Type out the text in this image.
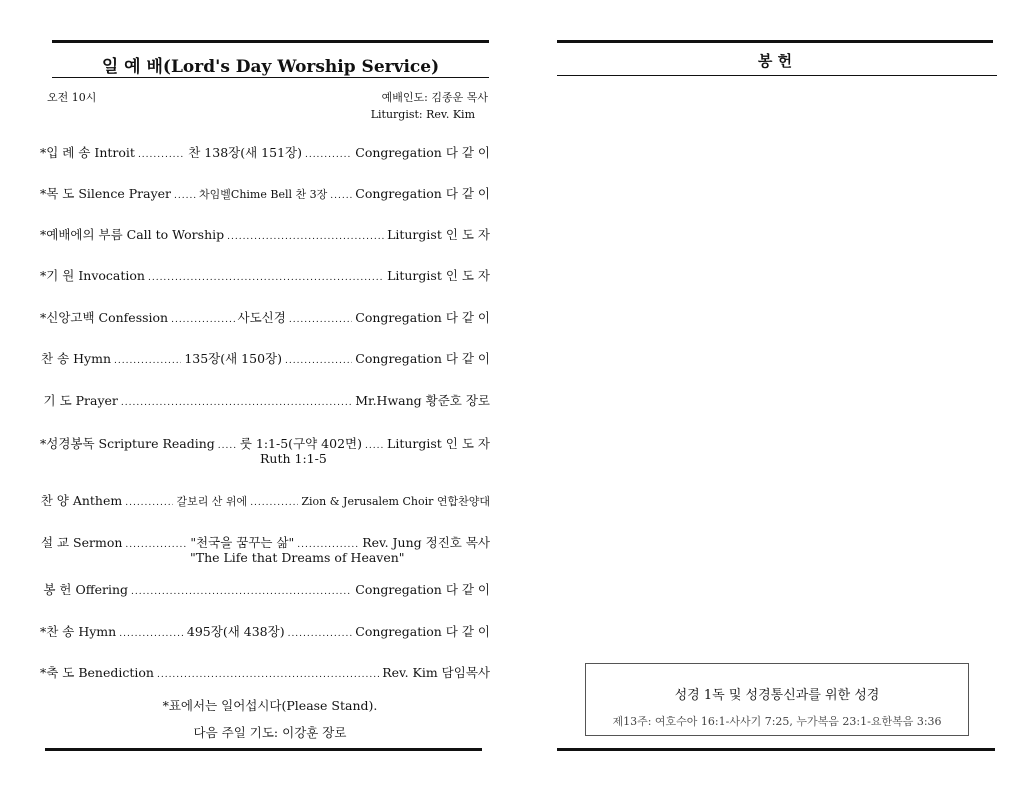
일 예 배(Lord's Day Worship Service)
오전 10시	예배인도: 김종운 목사
Liturgist: Rev. Kim
* 입 례 송 Introit .....	찬 138장(새 151장) .....	Congregation 다 같 이
* 목 도 Silence Prayer .....	차임벨Chime Bell 찬 3장 ..... Congregation 다 같 이
* 예배에의 부름 Call to Worship .....	Liturgist 인 도 자
* 기 원 Invocation .....	Liturgist 인 도 자
* 신앙고백 Confession .....	사도신경 .....	Congregation 다 같 이
찬 송 Hymn .....	135장(새 150장) .....	Congregation 다 같 이
기 도 Prayer .....	Mr.Hwang 황준호 장로
* 성경봉독 Scripture Reading ..... 룻 1:1-5(구약 402면) ..... Liturgist 인 도 자
Ruth 1:1-5
찬 양 Anthem .....	갈보리 산 위에 .....	Zion & Jerusalem Choir 연합찬양대
설 교 Sermon .....	"천국을 꿈꾸는 삶" .....	Rev. Jung 정진호 목사
"The Life that Dreams of Heaven"
봉 헌 Offering .....	Congregation 다 같 이
* 찬 송 Hymn .....	495장(새 438장) .....	Congregation 다 같 이
* 축 도 Benediction .....	Rev. Kim 담임목사
*표에서는 일어섭시다(Please Stand).
다음 주일 기도: 이강훈 장로
봉 헌
성경 1독 및 성경통신과를 위한 성경
제13주: 여호수아 16:1-사사기 7:25, 누가복음 23:1-요한복음 3:36
